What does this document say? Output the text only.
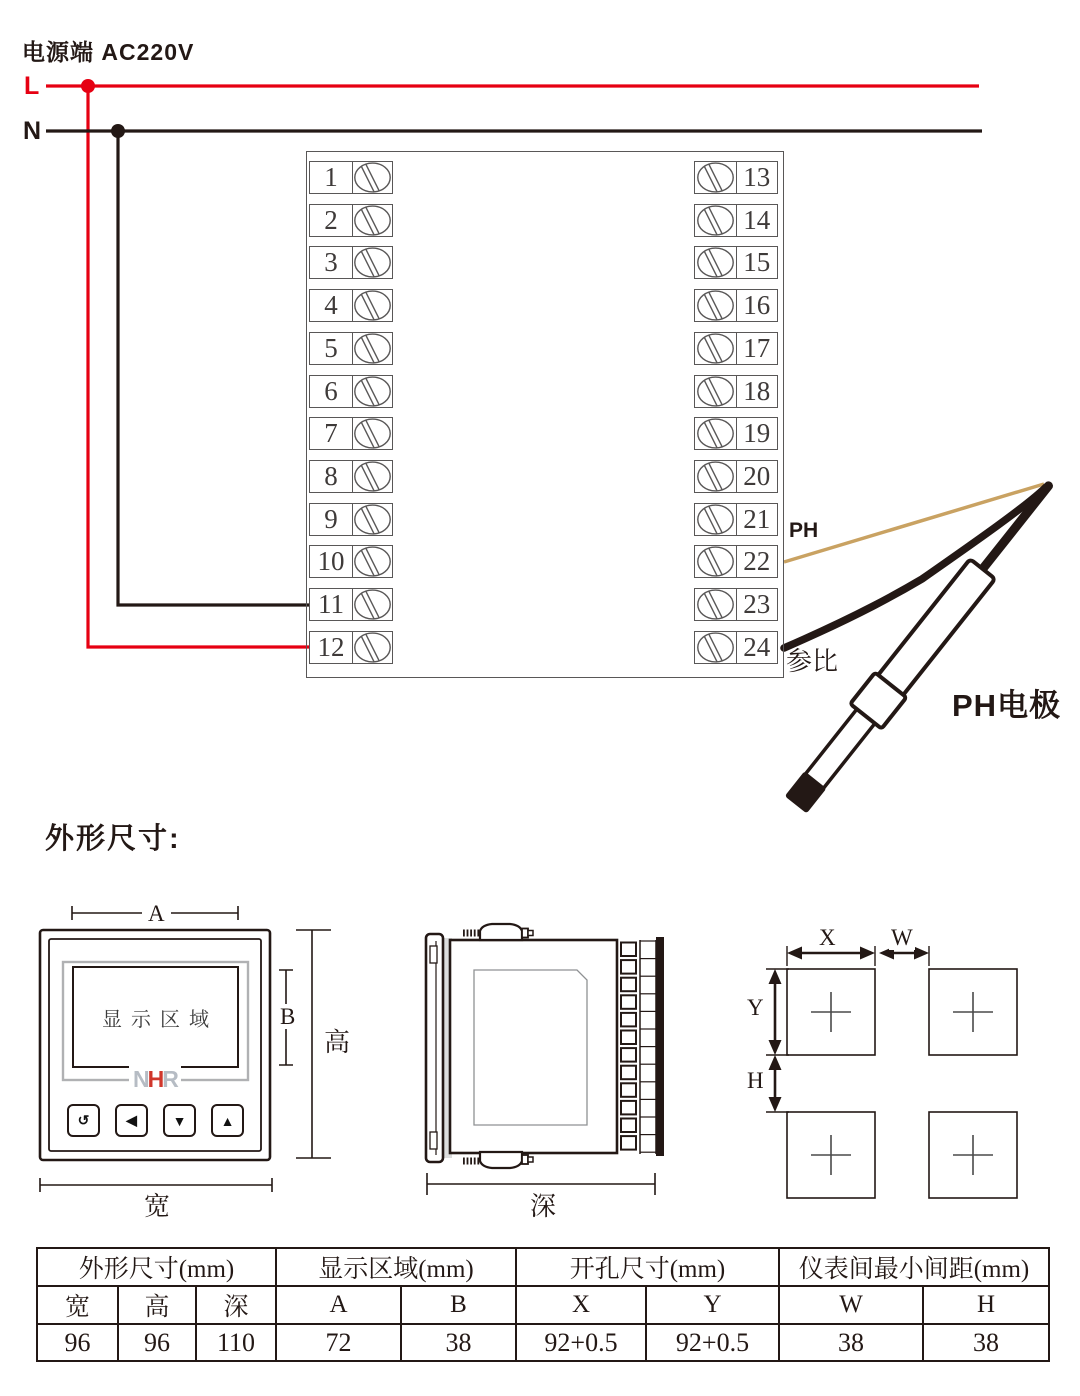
电源端 AC220V
L
N
PH
参比
PH电极
外形尺寸:
显示区域
NHR
A
B
高
宽	深
X W
Y
H
外形尺寸(mm)			显示区域(mm)		开孔尺寸(mm)		仪表间最小间距(mm)	
宽	高	深	A	B	X	Y	W	H
96	96	110	72	38	92+0.5	92+0.5	38	38
1
2
3
4
5
6
7
8
9
10
11
12
13
14
15
16
17
18
19
20
21
22
23
24
↺	◀	▼ ▲
